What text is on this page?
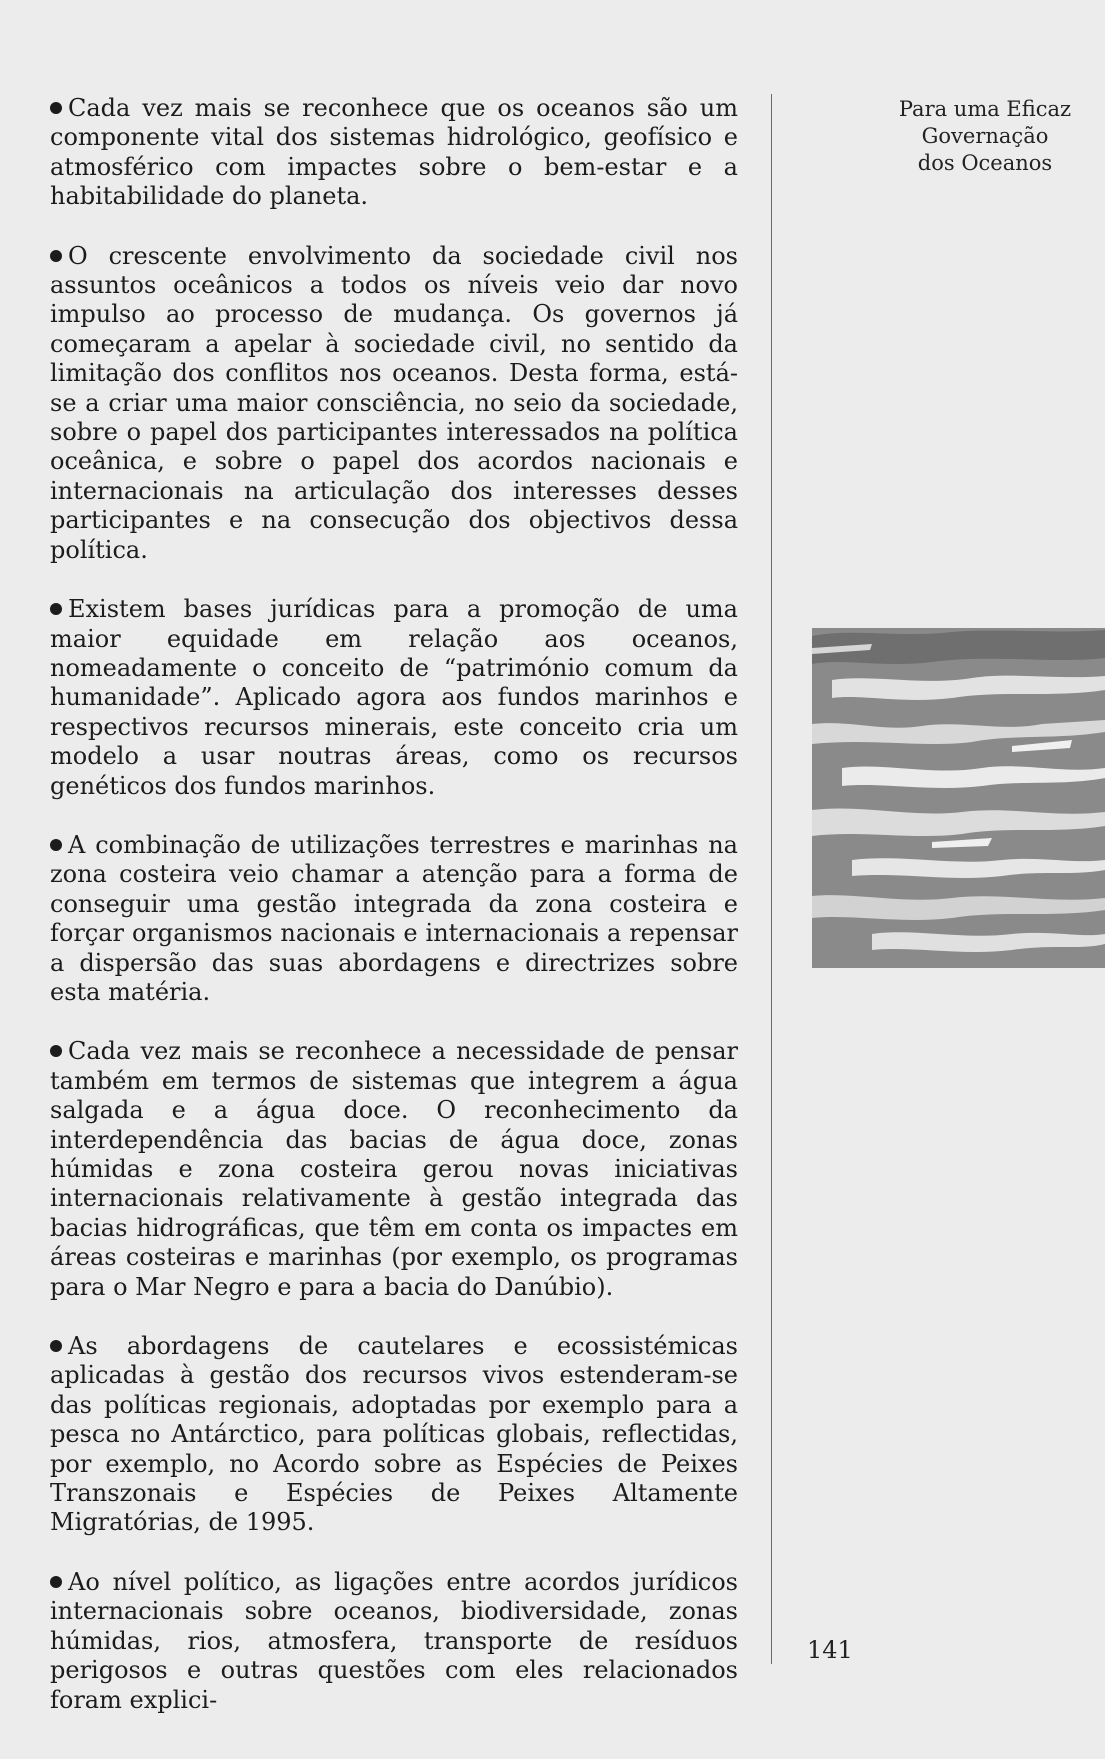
Cada vez mais se reconhece que os oceanos são um componente vital dos sistemas hidrológico, geofísico e atmosférico com impactes sobre o bem-estar e a habitabilidade do planeta.

O crescente envolvimento da sociedade civil nos assuntos oceânicos a todos os níveis veio dar novo impulso ao processo de mudança. Os governos já começaram a apelar à sociedade civil, no sentido da limitação dos conflitos nos oceanos. Desta forma, está-se a criar uma maior consciência, no seio da sociedade, sobre o papel dos participantes interessados na política oceânica, e sobre o papel dos acordos nacionais e internacionais na articulação dos interesses desses participantes e na consecução dos objectivos dessa política.

Existem bases jurídicas para a promoção de uma maior equidade em relação aos oceanos, nomeadamente o conceito de “património comum da humanidade”. Aplicado agora aos fundos marinhos e respectivos recursos minerais, este conceito cria um modelo a usar noutras áreas, como os recursos genéticos dos fundos marinhos.

A combinação de utilizações terrestres e marinhas na zona costeira veio chamar a atenção para a forma de conseguir uma gestão integrada da zona costeira e forçar organismos nacionais e internacionais a repensar a dispersão das suas abordagens e directrizes sobre esta matéria.

Cada vez mais se reconhece a necessidade de pensar também em termos de sistemas que integrem a água salgada e a água doce. O reconhecimento da interdependência das bacias de água doce, zonas húmidas e zona costeira gerou novas iniciativas internacionais relativamente à gestão integrada das bacias hidrográficas, que têm em conta os impactes em áreas costeiras e marinhas (por exemplo, os programas para o Mar Negro e para a bacia do Danúbio).

As abordagens de cautelares e ecossistémicas aplicadas à gestão dos recursos vivos estenderam-se das políticas regionais, adoptadas por exemplo para a pesca no Antárctico, para políticas globais, reflectidas, por exemplo, no Acordo sobre as Espécies de Peixes Transzonais e Espécies de Peixes Altamente Migratórias, de 1995.

Ao nível político, as ligações entre acordos jurídicos internacionais sobre oceanos, biodiversidade, zonas húmidas, rios, atmosfera, transporte de resíduos perigosos e outras questões com eles relacionados foram explici-

Para uma Eficaz
Governação
dos Oceanos
141
